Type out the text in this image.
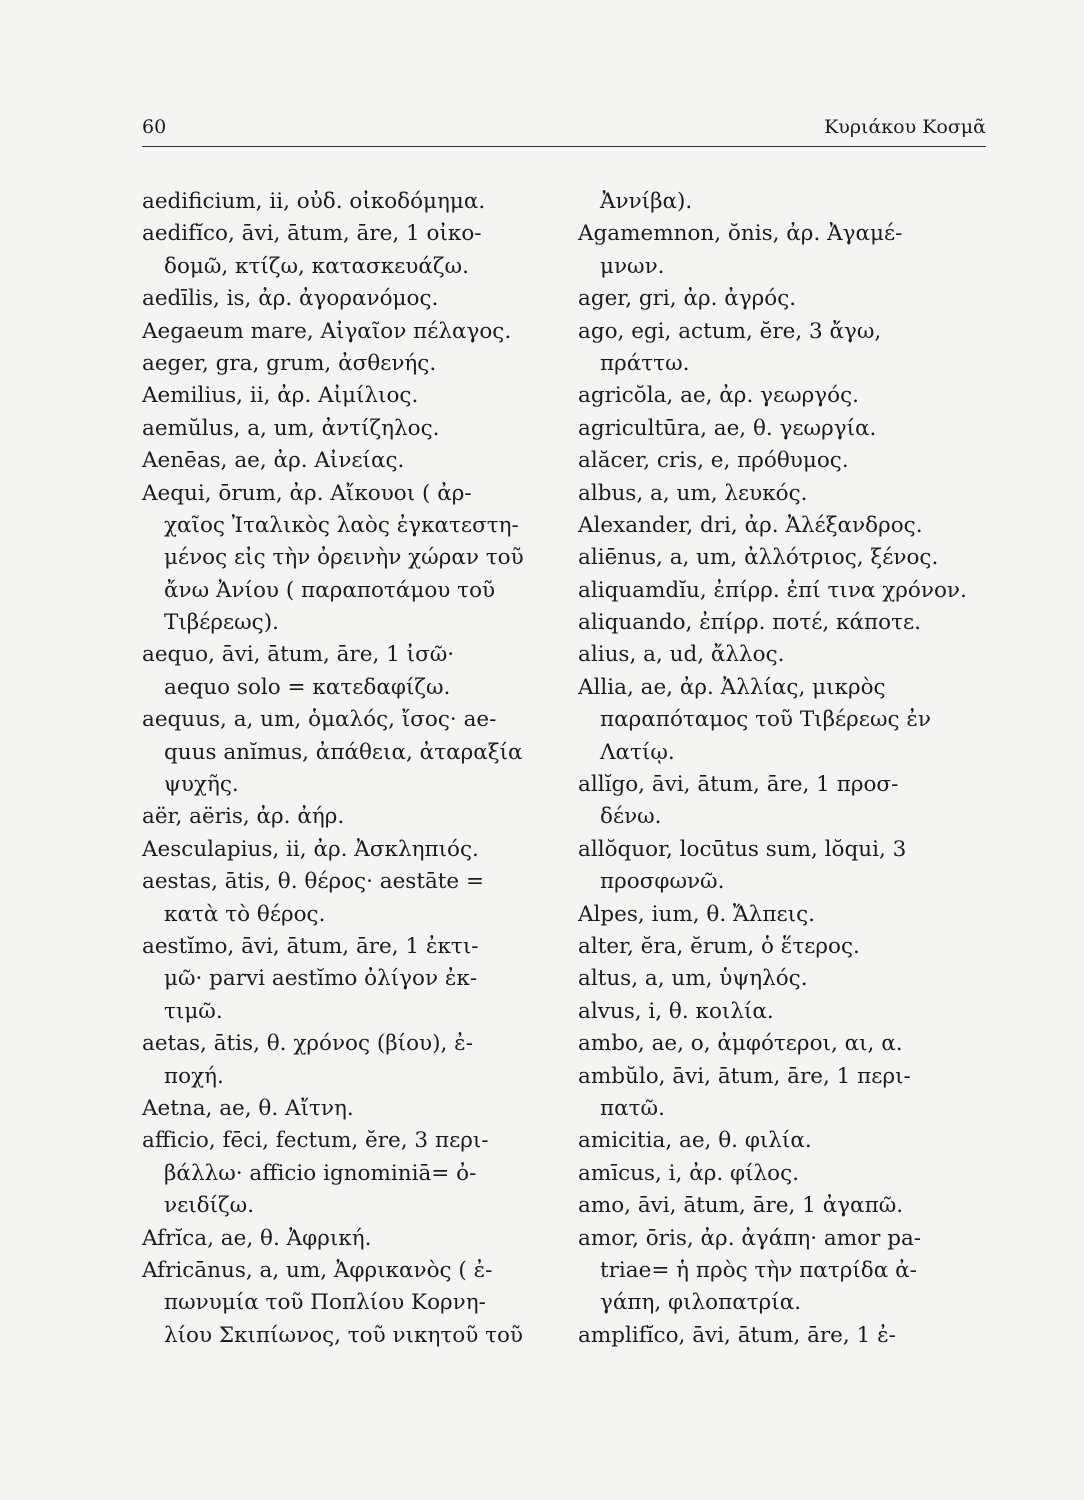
60	Κυριάκου Κοσμᾶ
aedificium, ii, οὐδ. οἰκοδόμημα.
aedifĭco, āvi, ātum, āre, 1 οἰκο-
δομῶ, κτίζω, κατασκευάζω.
aedīlis, is, ἀρ. ἀγορανόμος.
Aegaeum mare, Αἰγαῖον πέλαγος.
aeger, gra, grum, ἀσθενής.
Aemilius, ii, ἀρ. Αἰμίλιος.
aemŭlus, a, um, ἀντίζηλος.
Aenēas, ae, ἀρ. Αἰνείας.
Aequi, ōrum, ἀρ. Αἴκουοι ( ἀρ-
χαῖος Ἰταλικὸς λαὸς ἐγκατεστη-
μένος εἰς τὴν ὀρεινὴν χώραν τοῦ
ἄνω Ἀνίου ( παραποτάμου τοῦ
Τιβέρεως).
aequo, āvi, ātum, āre, 1 ἰσῶ·
aequo solo = κατεδαφίζω.
aequus, a, um, ὁμαλός, ἴσος· ae-
quus anĭmus, ἀπάθεια, ἀταραξία
ψυχῆς.
aër, aëris, ἀρ. ἀήρ.
Aesculapius, ii, ἀρ. Ἀσκληπιός.
aestas, ātis, θ. θέρος· aestāte =
κατὰ τὸ θέρος.
aestĭmo, āvi, ātum, āre, 1 ἐκτι-
μῶ· parvi aestĭmo ὀλίγον ἐκ-
τιμῶ.
aetas, ātis, θ. χρόνος (βίου), ἐ-
ποχή.
Aetna, ae, θ. Αἴτνη.
afficio, fēci, fectum, ĕre, 3 περι-
βάλλω· afficio ignominiā= ὀ-
νειδίζω.
Afrĭca, ae, θ. Ἀφρική.
Africānus, a, um, Ἀφρικανὸς ( ἐ-
πωνυμία τοῦ Ποπλίου Κορνη-
λίου Σκιπίωνος, τοῦ νικητοῦ τοῦ
Ἀννίβα).
Agamemnon, ŏnis, ἀρ. Ἀγαμέ-
μνων.
ager, gri, ἀρ. ἀγρός.
ago, egi, actum, ĕre, 3 ἄγω,
πράττω.
agricŏla, ae, ἀρ. γεωργός.
agricultūra, ae, θ. γεωργία.
alăcer, cris, e, πρόθυμος.
albus, a, um, λευκός.
Alexander, dri, ἀρ. Ἀλέξανδρος.
aliēnus, a, um, ἀλλότριος, ξένος.
aliquamdĭu, ἐπίρρ. ἐπί τινα χρόνον.
aliquando, ἐπίρρ. ποτέ, κάποτε.
alius, a, ud, ἄλλος.
Allia, ae, ἀρ. Ἀλλίας, μικρὸς
παραπόταμος τοῦ Τιβέρεως ἐν
Λατίῳ.
allĭgo, āvi, ātum, āre, 1 προσ-
δένω.
allŏquor, locūtus sum, lŏqui, 3
προσφωνῶ.
Alpes, ium, θ. Ἄλπεις.
alter, ĕra, ĕrum, ὁ ἕτερος.
altus, a, um, ὑψηλός.
alvus, i, θ. κοιλία.
ambo, ae, o, ἀμφότεροι, αι, α.
ambŭlo, āvi, ātum, āre, 1 περι-
πατῶ.
amicitia, ae, θ. φιλία.
amīcus, i, ἀρ. φίλος.
amo, āvi, ātum, āre, 1 ἀγαπῶ.
amor, ōris, ἀρ. ἀγάπη· amor pa-
triae= ἡ πρὸς τὴν πατρίδα ἀ-
γάπη, φιλοπατρία.
amplifĭco, āvi, ātum, āre, 1 ἐ-
